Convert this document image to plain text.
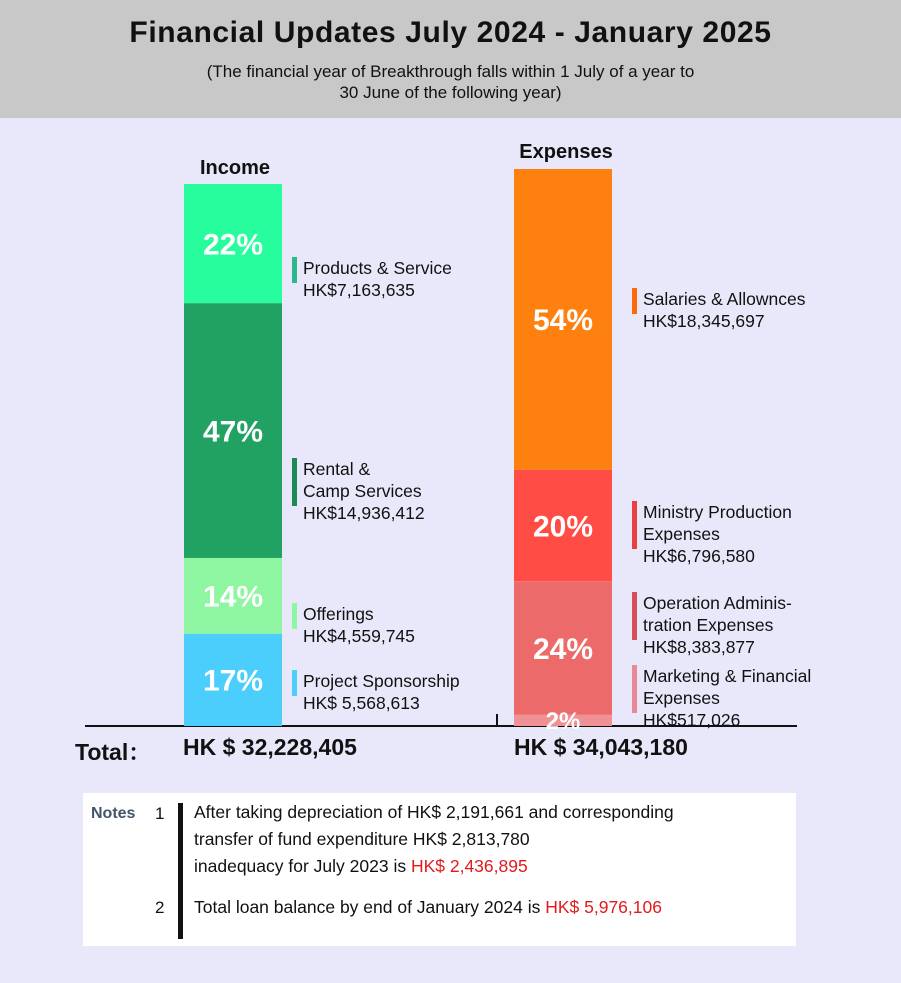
Financial Updates July 2024 - January 2025
(The financial year of Breakthrough falls within 1 July of a year to
30 June of the following year)
Income
22%
Products & Service
HK$7,163,635
47%
Rental &
Camp Services
HK$14,936,412
14%
Offerings
HK$4,559,745
17% Project Sponsorship
HK$ 5,568,613
Expenses
54%
Salaries & Allownces
HK$18,345,697
20%	Ministry Production
Expenses
HK$6,796,580
24%
Operation Adminis-
tration Expenses
HK$8,383,877
2%
Marketing & Financial
Expenses
HK$517,026
Total： HK $ 32,228,405	HK $ 34,043,180
Notes 1
2
After taking depreciation of HK$ 2,191,661 and corresponding
transfer of fund expenditure HK$ 2,813,780
inadequacy for July 2023 is HK$ 2,436,895
Total loan balance by end of January 2024 is HK$ 5,976,106
